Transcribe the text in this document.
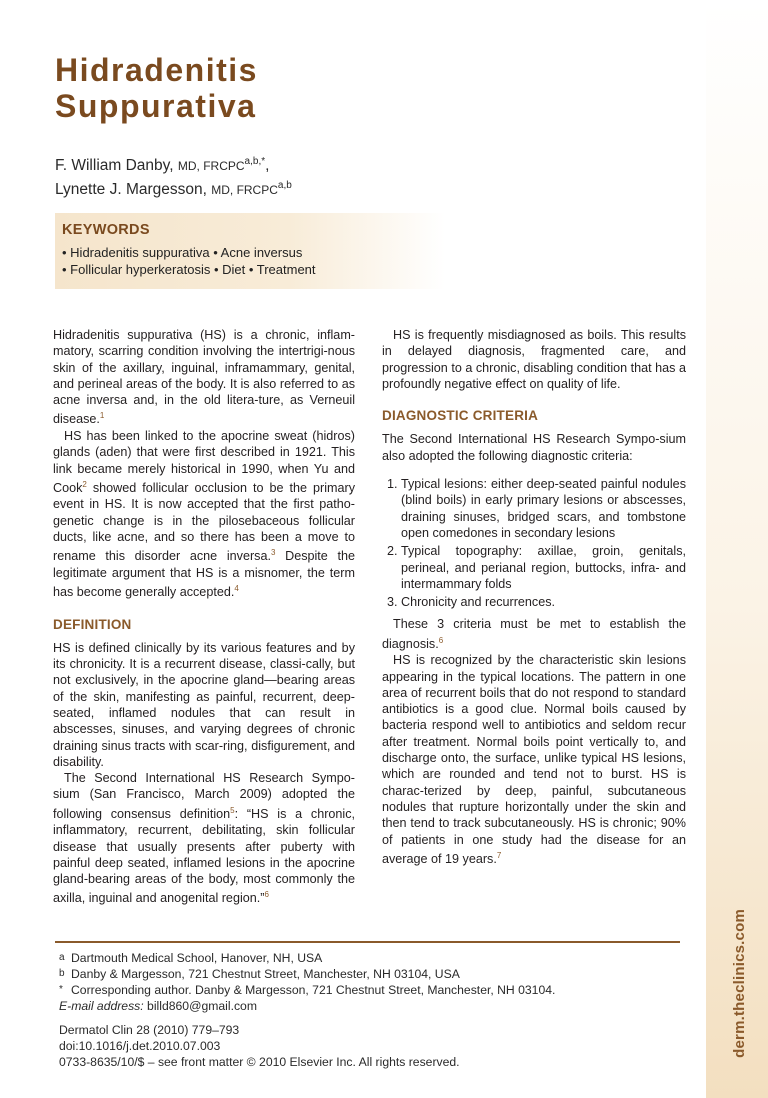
derm.theclinics.com
Hidradenitis
Suppurativa
F. William Danby, MD, $FRCPC^{a,b,*}$,
Lynette J. Margesson, MD, FRCPC$^{a,b}$
KEYWORDS
• Hidradenitis suppurativa • Acne inversus
• Follicular hyperkeratosis • Diet • Treatment

Hidradenitis suppurativa (HS) is a chronic, inflam-matory, scarring condition involving the intertrigi-nous skin of the axillary, inguinal, inframammary, genital, and perineal areas of the body. It is also referred to as acne inversa and, in the old litera-ture, as Verneuil disease.$^1$

HS has been linked to the apocrine sweat (hidros) glands (aden) that were first described in 1921. This link became merely historical in 1990, when Yu and Cook$^2$ showed follicular occlusion to be the primary event in HS. It is now accepted that the first patho-genetic change is in the pilosebaceous follicular ducts, like acne, and so there has been a move to rename this disorder acne inversa.$^3$ Despite the legitimate argument that HS is a misnomer, the term has become generally accepted.$^4$

DEFINITION

HS is defined clinically by its various features and by its chronicity. It is a recurrent disease, classi-cally, but not exclusively, in the apocrine gland—bearing areas of the skin, manifesting as painful, recurrent, deep-seated, inflamed nodules that can result in abscesses, sinuses, and varying degrees of chronic draining sinus tracts with scar-ring, disfigurement, and disability.

The Second International HS Research Sympo-sium (San Francisco, March 2009) adopted the following consensus definition$^5$: “HS is a chronic, inflammatory, recurrent, debilitating, skin follicular disease that usually presents after puberty with painful deep seated, inflamed lesions in the apocrine gland-bearing areas of the body, most commonly the axilla, inguinal and anogenital region.”$^6$

HS is frequently misdiagnosed as boils. This results in delayed diagnosis, fragmented care, and progression to a chronic, disabling condition that has a profoundly negative effect on quality of life.

DIAGNOSTIC CRITERIA

The Second International HS Research Sympo-sium also adopted the following diagnostic criteria:

1. Typical lesions: either deep-seated painful nodules (blind boils) in early primary lesions or abscesses, draining sinuses, bridged scars, and tombstone open comedones in secondary lesions
2. Typical topography: axillae, groin, genitals, perineal, and perianal region, buttocks, infra- and intermammary folds
3. Chronicity and recurrences.

These 3 criteria must be met to establish the diagnosis.$^6$

HS is recognized by the characteristic skin lesions appearing in the typical locations. The pattern in one area of recurrent boils that do not respond to standard antibiotics is a good clue. Normal boils caused by bacteria respond well to antibiotics and seldom recur after treatment. Normal boils point vertically to, and discharge onto, the surface, unlike typical HS lesions, which are rounded and tend not to burst. HS is charac-terized by deep, painful, subcutaneous nodules that rupture horizontally under the skin and then tend to track subcutaneously. HS is chronic; 90% of patients in one study had the disease for an average of 19 years.$^7$

a Dartmouth Medical School, Hanover, NH, USA
b Danby & Margesson, 721 Chestnut Street, Manchester, NH 03104, USA
* Corresponding author. Danby & Margesson, 721 Chestnut Street, Manchester, NH 03104.
E-mail address: billd860@gmail.com
Dermatol Clin 28 (2010) 779–793
doi:10.1016/j.det.2010.07.003
0733-8635/10/$ – see front matter © 2010 Elsevier Inc. All rights reserved.
